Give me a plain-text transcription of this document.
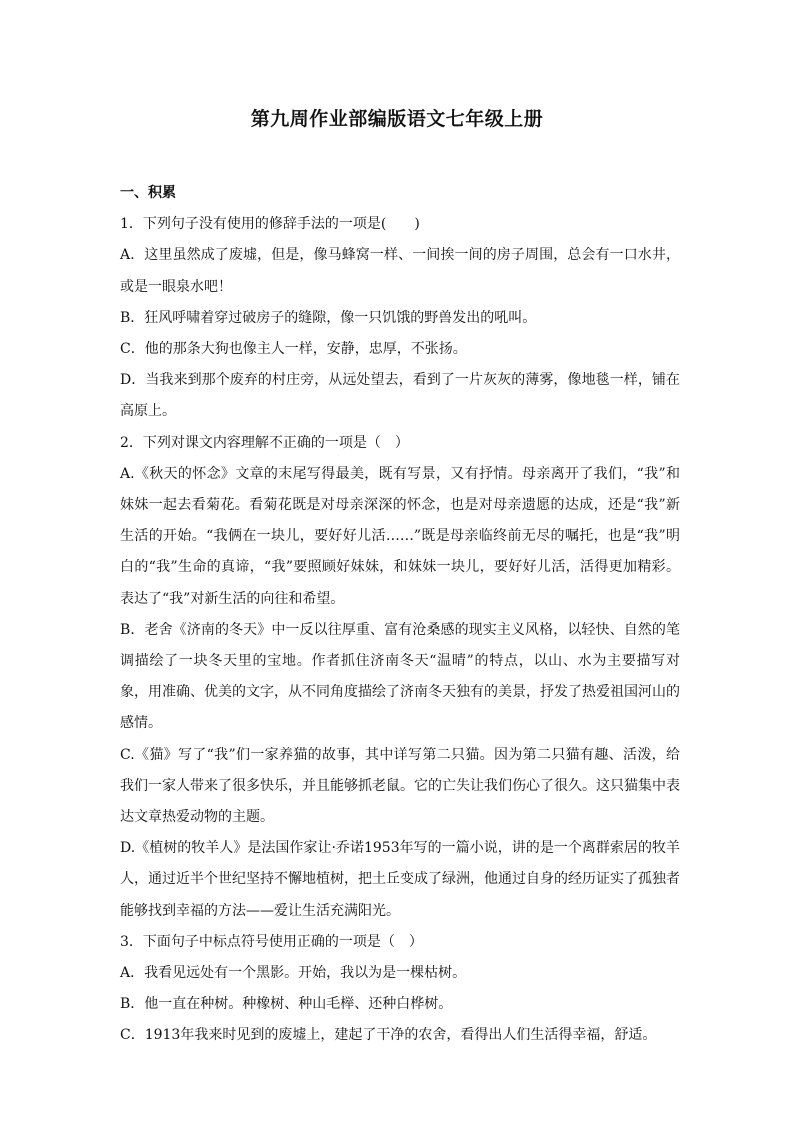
第九周作业部编版语文七年级上册

一、积累

1．下列句子没有使用的修辞手法的一项是(　　)

A．这里虽然成了废墟，但是，像马蜂窝一样、一间挨一间的房子周围，总会有一口水井，或是一眼泉水吧！

B．狂风呼啸着穿过破房子的缝隙，像一只饥饿的野兽发出的吼叫。

C．他的那条大狗也像主人一样，安静，忠厚，不张扬。

D．当我来到那个废弃的村庄旁，从远处望去，看到了一片灰灰的薄雾，像地毯一样，铺在高原上。

2．下列对课文内容理解不正确的一项是（　）

A.《秋天的怀念》文章的末尾写得最美，既有写景，又有抒情。母亲离开了我们，“我”和妹妹一起去看菊花。看菊花既是对母亲深深的怀念，也是对母亲遗愿的达成，还是“我”新生活的开始。“我俩在一块儿，要好好儿活……”既是母亲临终前无尽的嘱托，也是“我”明白的“我”生命的真谛，“我”要照顾好妹妹，和妹妹一块儿，要好好儿活，活得更加精彩。表达了“我”对新生活的向往和希望。

B．老舍《济南的冬天》中一反以往厚重、富有沧桑感的现实主义风格，以轻快、自然的笔调描绘了一块冬天里的宝地。作者抓住济南冬天“温晴”的特点，以山、水为主要描写对象，用准确、优美的文字，从不同角度描绘了济南冬天独有的美景，抒发了热爱祖国河山的感情。

C.《猫》写了“我”们一家养猫的故事，其中详写第二只猫。因为第二只猫有趣、活泼，给我们一家人带来了很多快乐，并且能够抓老鼠。它的亡失让我们伤心了很久。这只猫集中表达文章热爱动物的主题。

D.《植树的牧羊人》是法国作家让·乔诺1953年写的一篇小说，讲的是一个离群索居的牧羊人，通过近半个世纪坚持不懈地植树，把土丘变成了绿洲，他通过自身的经历证实了孤独者能够找到幸福的方法——爱让生活充满阳光。

3．下面句子中标点符号使用正确的一项是（　）

A．我看见远处有一个黑影。开始，我以为是一棵枯树。

B．他一直在种树。种橡树、种山毛榉、还种白桦树。

C．1913年我来时见到的废墟上，建起了干净的农舍，看得出人们生活得幸福，舒适。
